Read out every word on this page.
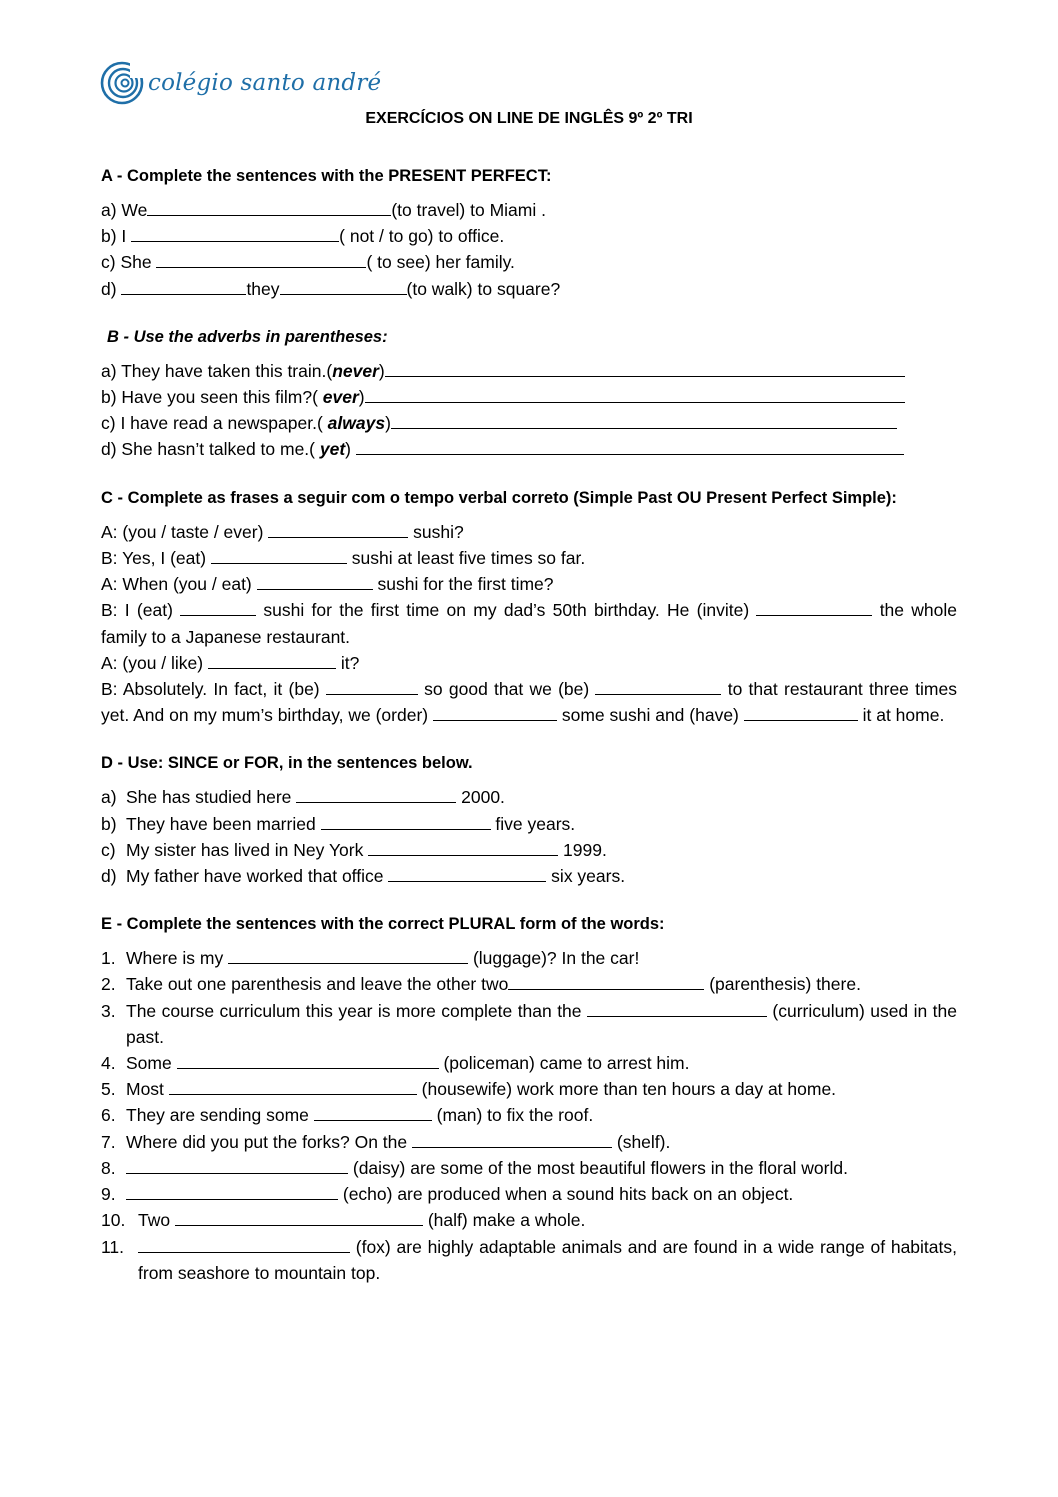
colégio santo andré
EXERCÍCIOS ON LINE DE INGLÊS 9º 2º TRI
A - Complete the sentences with the PRESENT PERFECT:
a) We	(to travel) to Miami .
b) I	( not / to go) to office.
c) She	( to see) her family.
d)	they	(to walk) to square?
B - Use the adverbs in parentheses:
a) They have taken this train.(never)
b) Have you seen this film?( ever)
c) I have read a newspaper.( always)
d) She hasn’t talked to me.( yet)
C - Complete as frases a seguir com o tempo verbal correto (Simple Past OU Present Perfect Simple):
A: (you / taste / ever)	sushi?
B: Yes, I (eat)	sushi at least five times so far.
A: When (you / eat)	sushi for the first time?
B: I (eat)	sushi for the first time on my dad’s 50th birthday. He (invite)	the whole family to a Japanese restaurant.
A: (you / like)	it?
B: Absolutely. In fact, it (be)	so good that we (be)	to that restaurant three times yet. And on my mum’s birthday, we (order)	some sushi and (have)	it at home.
D - Use: SINCE or FOR, in the sentences below.
a) She has studied here	2000.
b) They have been married	five years.
c) My sister has lived in Ney York	1999.
d) My father have worked that office	six years.
E - Complete the sentences with the correct PLURAL form of the words:
1. Where is my	(luggage)? In the car!
2. Take out one parenthesis and leave the other two	(parenthesis) there.
3. The course curriculum this year is more complete than the	(curriculum) used in the past.
4. Some	(policeman) came to arrest him.
5. Most	(housewife) work more than ten hours a day at home.
6. They are sending some	(man) to fix the roof.
7. Where did you put the forks? On the	(shelf).
8.	(daisy) are some of the most beautiful flowers in the floral world.
9.	(echo) are produced when a sound hits back on an object.
10. Two	(half) make a whole.
11.	(fox) are highly adaptable animals and are found in a wide range of habitats, from seashore to mountain top.
